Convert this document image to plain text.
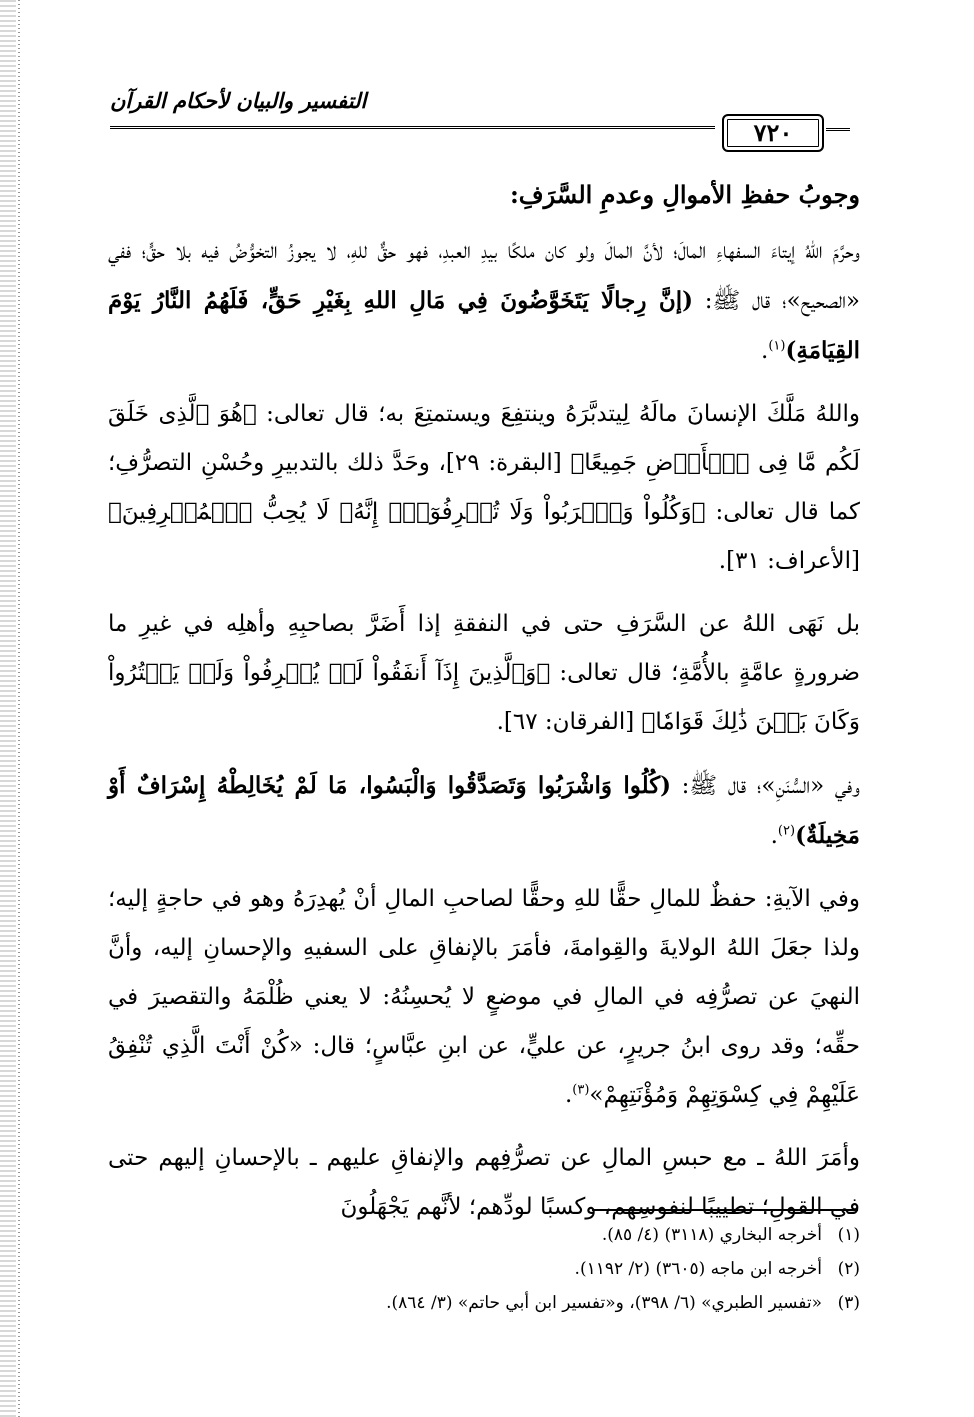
التفسير والبيان لأحكام القرآن
٧٢٠

وجوبُ حفظِ الأموالِ وعدمِ السَّرَفِ:

وحرَّمَ اللهُ إيتاءَ السفهاءِ المالَ؛ لأنَّ المالَ ولو كان ملكًا بيدِ العبدِ، فهو حقٌّ للهِ، لا يجوزُ التخوُّضُ فيه بلا حقٍّ؛ ففي «الصحيح»؛ قال ﷺ: (إنَّ رِجالًا يَتَخَوَّضُونَ فِي مَالِ اللهِ بِغَيْرِ حَقٍّ، فَلَهُمُ النَّارُ يَوْمَ القِيَامَةِ)$^{(١)}$.

واللهُ مَلَّكَ الإنسانَ مالَهُ لِيتدبَّرَهُ وينتفِعَ ويستمتِعَ به؛ قال تعالى: ﴿هُوَ ٱلَّذِى خَلَقَ لَكُم مَّا فِى ٱلۡأَرۡضِ جَمِيعًا﴾ [البقرة: ٢٩]، وحَدَّ ذلك بالتدبيرِ وحُسْنِ التصرُّفِ؛ كما قال تعالى: ﴿وَكُلُواْ وَٱشۡرَبُواْ وَلَا تُسۡرِفُوٓاْۚ إِنَّهُۥ لَا يُحِبُّ ٱلۡمُسۡرِفِينَ﴾ [الأعراف: ٣١].

بل نَهَى اللهُ عن السَّرَفِ حتى في النفقةِ إذا أَضَرَّ بصاحبِهِ وأهلِه في غيرِ ما ضرورةٍ عامَّةٍ بالأُمَّةِ؛ قال تعالى: ﴿وَٱلَّذِينَ إِذَآ أَنفَقُواْ لَمۡ يُسۡرِفُواْ وَلَمۡ يَقۡتُرُواْ وَكَانَ بَيۡنَ ذَٰلِكَ قَوَامٗا﴾ [الفرقان: ٦٧].

وفي «السُّنَنِ»؛ قال ﷺ: (كُلُوا وَاشْرَبُوا وَتَصَدَّقُوا وَالْبَسُوا، مَا لَمْ يُخَالِطْهُ إِسْرَافٌ أَوْ مَخِيلَةٌ)$^{(٢)}$.

وفي الآيةِ: حفظٌ للمالِ حقًّا للهِ وحقًّا لصاحبِ المالِ أنْ يُهدِرَهُ وهو في حاجةٍ إليه؛ ولذا جعَلَ اللهُ الولايةَ والقِوامةَ، فأمَرَ بالإنفاقِ على السفيهِ والإحسانِ إليه، وأنَّ النهيَ عن تصرُّفِه في المالِ في موضعٍ لا يُحسِنُهُ: لا يعني ظُلْمَهُ والتقصيرَ في حقِّه؛ وقد روى ابنُ جريرٍ، عن عليٍّ، عن ابنِ عبَّاسٍ؛ قال: «كُنْ أَنْتَ الَّذِي تُنْفِقُ عَلَيْهِمْ فِي كِسْوَتِهِمْ وَمُؤْنَتِهِمْ»$^{(٣)}$.

وأمَرَ اللهُ ـ مع حبسِ المالِ عن تصرُّفِهم والإنفاقِ عليهم ـ بالإحسانِ إليهم حتى في القولِ؛ تطييبًا لنفوسِهم، وكسبًا لودِّهم؛ لأنَّهم يَجْهَلُونَ

(١)أخرجه البخاري (٣١١٨) (٤/ ٨٥).
(٢)أخرجه ابن ماجه (٣٦٠٥) (٢/ ١١٩٢).
(٣)«تفسير الطبري» (٦/ ٣٩٨)، و«تفسير ابن أبي حاتم» (٣/ ٨٦٤).
